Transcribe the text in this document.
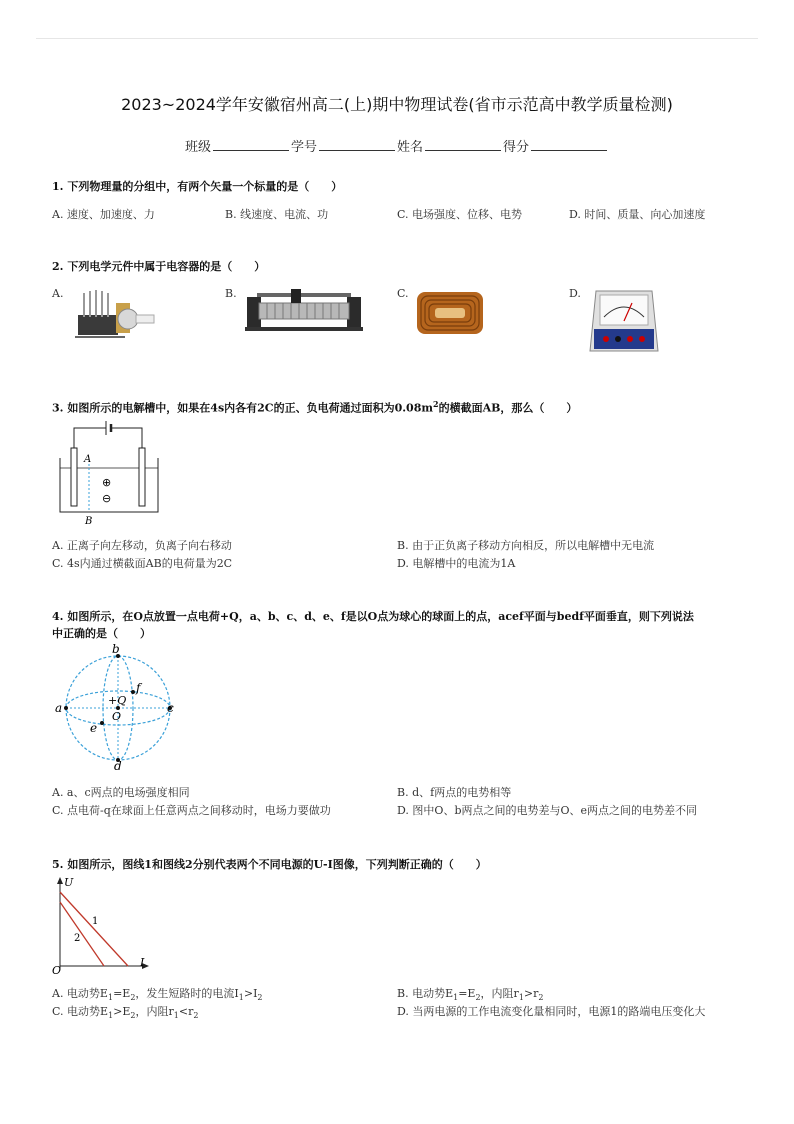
2023~2024学年安徽宿州高二(上)期中物理试卷(省市示范高中教学质量检测)
班级	学号	姓名	得分
1. 下列物理量的分组中，有两个矢量一个标量的是（　　）
A. 速度、加速度、力	B. 线速度、电流、功	C. 电场强度、位移、电势	D. 时间、质量、向心加速度
2. 下列电学元件中属于电容器的是（　　）
A.	B.	C.	D.
3. 如图所示的电解槽中，如果在4s内各有2C的正、负电荷通过面积为$0.08m^2$的横截面AB，那么（　　）
A
B
⊕
⊖
A. 正离子向左移动，负离子向右移动	B. 由于正负离子移动方向相反，所以电解槽中无电流
C. 4s内通过横截面AB的电荷量为2C	D. 电解槽中的电流为1A
4. 如图所示，在O点放置一点电荷+Q，a、b、c、d、e、f是以O点为球心的球面上的点，acef平面与bedf平面垂直，则下列说法
中正确的是（　　）
a	c
b
d
e
f
+Q
O
A. a、c两点的电场强度相同	B. d、f两点的电势相等
C. 点电荷-q在球面上任意两点之间移动时，电场力要做功	D. 图中O、b两点之间的电势差与O、e两点之间的电势差不同
5. 如图所示，图线1和图线2分别代表两个不同电源的U-I图像，下列判断正确的（　　）
U
I
O
1
2
A. 电动势$E_1=E_2$，发生短路时的电流$I_1>I_2$	B. 电动势$E_1=E_2$，内阻$r_1>r_2$
C. 电动势$E_1>E_2$，内阻$r_1<r_2$	D. 当两电源的工作电流变化量相同时，电源1的路端电压变化大
